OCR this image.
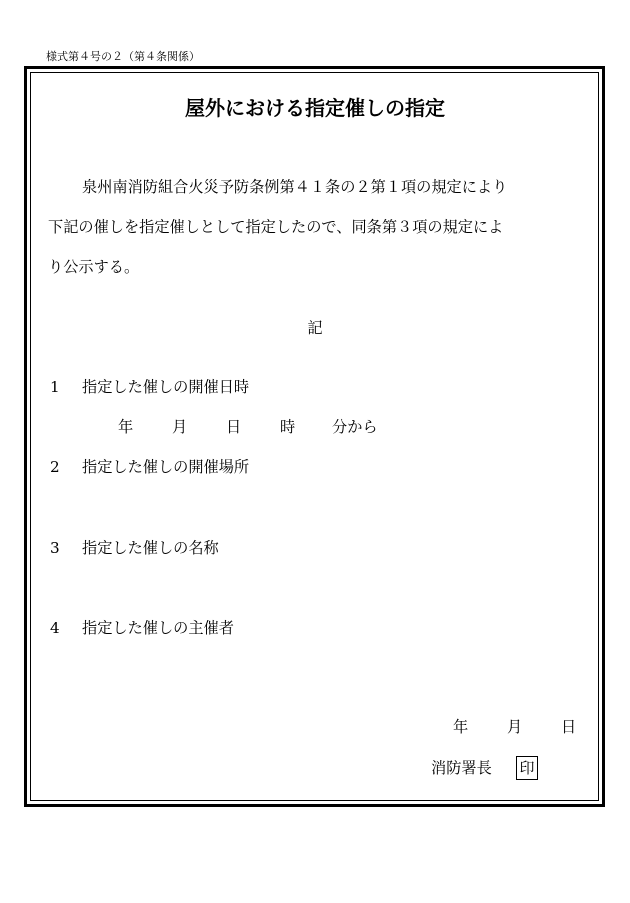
様式第４号の２（第４条関係）
屋外における指定催しの指定
泉州南消防組合火災予防条例第４１条の２第１項の規定により
下記の催しを指定催しとして指定したので、同条第３項の規定によ
り公示する。
記
1 指定した催しの開催日時
年	月	日	時 分から
2 指定した催しの開催場所
3 指定した催しの名称
4 指定した催しの主催者
年	月	日
消防署長 印
